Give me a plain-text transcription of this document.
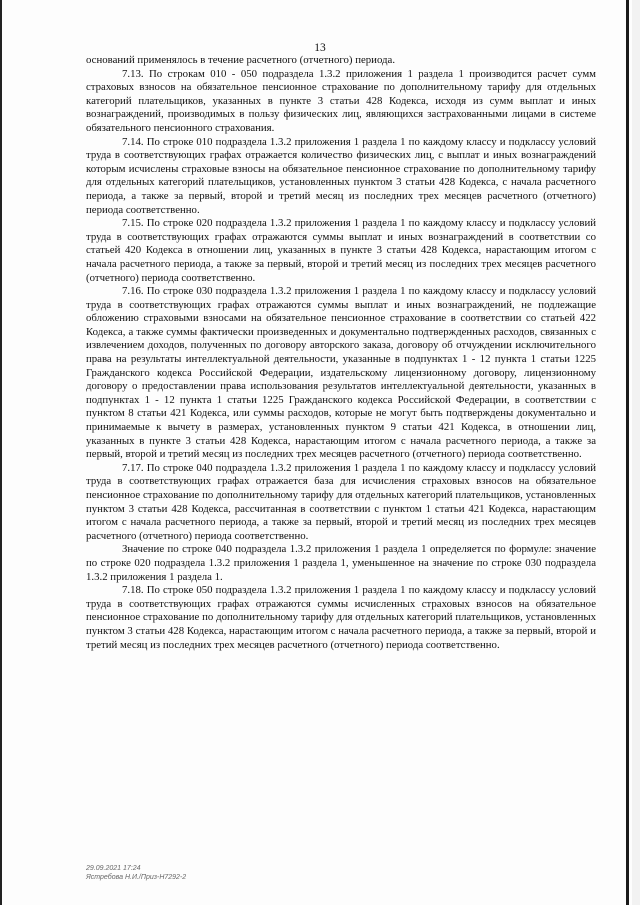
13

оснований применялось в течение расчетного (отчетного) периода.

7.13. По строкам 010 - 050 подраздела 1.3.2 приложения 1 раздела 1 производится расчет сумм страховых взносов на обязательное пенсионное страхование по дополнительному тарифу для отдельных категорий плательщиков, указанных в пункте 3 статьи 428 Кодекса, исходя из сумм выплат и иных вознаграждений, производимых в пользу физических лиц, являющихся застрахованными лицами в системе обязательного пенсионного страхования.

7.14. По строке 010 подраздела 1.3.2 приложения 1 раздела 1 по каждому классу и подклассу условий труда в соответствующих графах отражается количество физических лиц, с выплат и иных вознаграждений которым исчислены страховые взносы на обязательное пенсионное страхование по дополнительному тарифу для отдельных категорий плательщиков, установленных пунктом 3 статьи 428 Кодекса, с начала расчетного периода, а также за первый, второй и третий месяц из последних трех месяцев расчетного (отчетного) периода соответственно.

7.15. По строке 020 подраздела 1.3.2 приложения 1 раздела 1 по каждому классу и подклассу условий труда в соответствующих графах отражаются суммы выплат и иных вознаграждений в соответствии со статьей 420 Кодекса в отношении лиц, указанных в пункте 3 статьи 428 Кодекса, нарастающим итогом с начала расчетного периода, а также за первый, второй и третий месяц из последних трех месяцев расчетного (отчетного) периода соответственно.

7.16. По строке 030 подраздела 1.3.2 приложения 1 раздела 1 по каждому классу и подклассу условий труда в соответствующих графах отражаются суммы выплат и иных вознаграждений, не подлежащие обложению страховыми взносами на обязательное пенсионное страхование в соответствии со статьей 422 Кодекса, а также суммы фактически произведенных и документально подтвержденных расходов, связанных с извлечением доходов, полученных по договору авторского заказа, договору об отчуждении исключительного права на результаты интеллектуальной деятельности, указанные в подпунктах 1 - 12 пункта 1 статьи 1225 Гражданского кодекса Российской Федерации, издательскому лицензионному договору, лицензионному договору о предоставлении права использования результатов интеллектуальной деятельности, указанных в подпунктах 1 - 12 пункта 1 статьи 1225 Гражданского кодекса Российской Федерации, в соответствии с пунктом 8 статьи 421 Кодекса, или суммы расходов, которые не могут быть подтверждены документально и принимаемые к вычету в размерах, установленных пунктом 9 статьи 421 Кодекса, в отношении лиц, указанных в пункте 3 статьи 428 Кодекса, нарастающим итогом с начала расчетного периода, а также за первый, второй и третий месяц из последних трех месяцев расчетного (отчетного) периода соответственно.

7.17. По строке 040 подраздела 1.3.2 приложения 1 раздела 1 по каждому классу и подклассу условий труда в соответствующих графах отражается база для исчисления страховых взносов на обязательное пенсионное страхование по дополнительному тарифу для отдельных категорий плательщиков, установленных пунктом 3 статьи 428 Кодекса, рассчитанная в соответствии с пунктом 1 статьи 421 Кодекса, нарастающим итогом с начала расчетного периода, а также за первый, второй и третий месяц из последних трех месяцев расчетного (отчетного) периода соответственно.

Значение по строке 040 подраздела 1.3.2 приложения 1 раздела 1 определяется по формуле: значение по строке 020 подраздела 1.3.2 приложения 1 раздела 1, уменьшенное на значение по строке 030 подраздела 1.3.2 приложения 1 раздела 1.

7.18. По строке 050 подраздела 1.3.2 приложения 1 раздела 1 по каждому классу и подклассу условий труда в соответствующих графах отражаются суммы исчисленных страховых взносов на обязательное пенсионное страхование по дополнительному тарифу для отдельных категорий плательщиков, установленных пунктом 3 статьи 428 Кодекса, нарастающим итогом с начала расчетного периода, а также за первый, второй и третий месяц из последних трех месяцев расчетного (отчетного) периода соответственно.

29.09.2021 17:24
Ястребова Н.И./Приз-Н7292-2
